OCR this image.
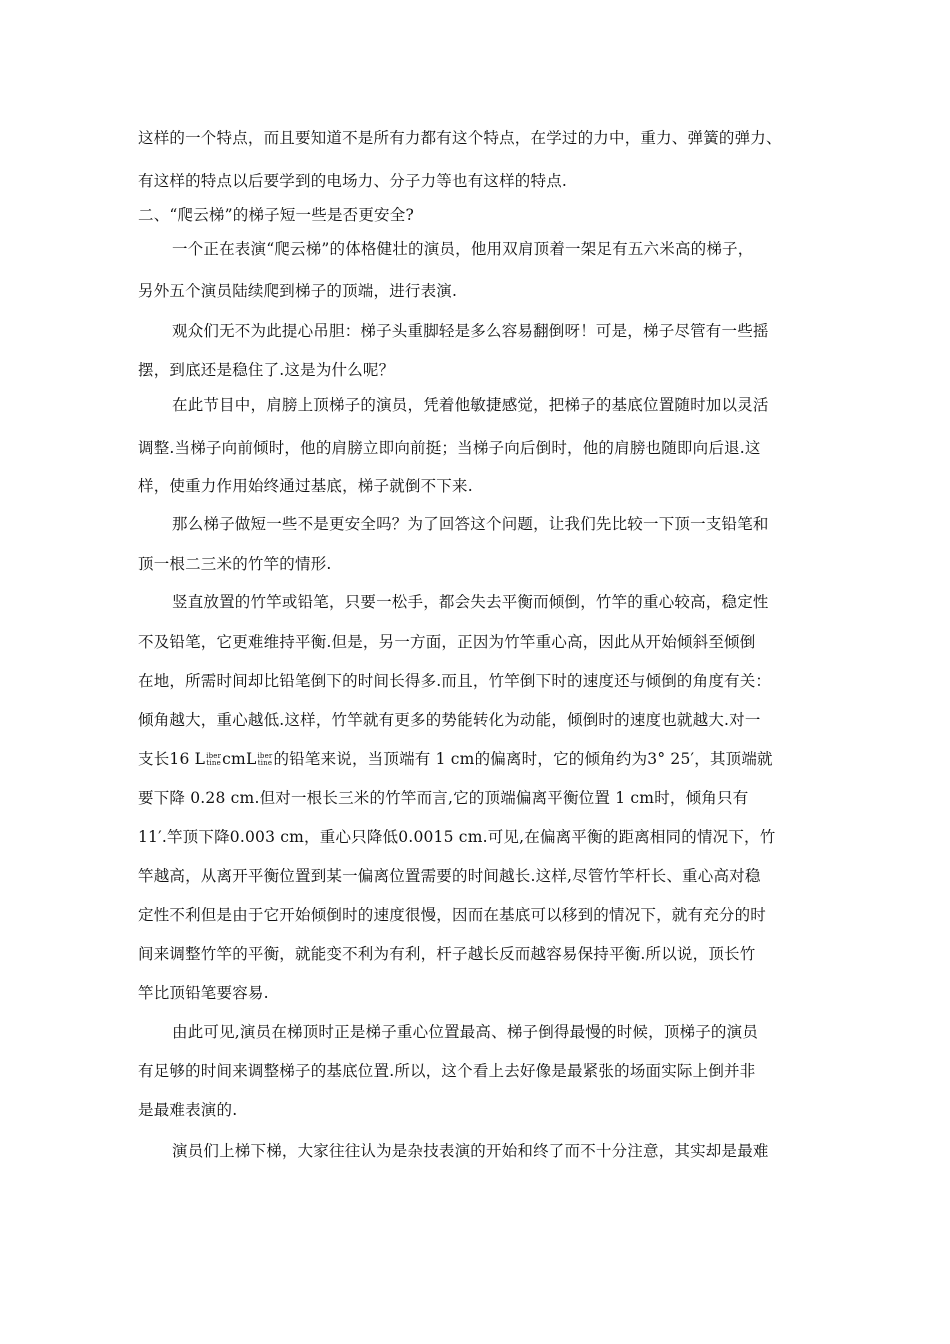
这样的一个特点，而且要知道不是所有力都有这个特点，在学过的力中，重力、弹簧的弹力、
有这样的特点以后要学到的电场力、分子力等也有这样的特点.
二、“爬云梯”的梯子短一些是否更安全?
一个正在表演“爬云梯”的体格健壮的演员，他用双肩顶着一架足有五六米高的梯子，
另外五个演员陆续爬到梯子的顶端，进行表演.
观众们无不为此提心吊胆：梯子头重脚轻是多么容易翻倒呀！可是，梯子尽管有一些摇
摆，到底还是稳住了.这是为什么呢？
在此节目中，肩膀上顶梯子的演员，凭着他敏捷感觉，把梯子的基底位置随时加以灵活
调整.当梯子向前倾时，他的肩膀立即向前挺；当梯子向后倒时，他的肩膀也随即向后退.这
样，使重力作用始终通过基底，梯子就倒不下来.
那么梯子做短一些不是更安全吗？为了回答这个问题，让我们先比较一下顶一支铅笔和
顶一根二三米的竹竿的情形.
竖直放置的竹竿或铅笔，只要一松手，都会失去平衡而倾倒，竹竿的重心较高，稳定性
不及铅笔，它更难维持平衡.但是，另一方面，正因为竹竿重心高，因此从开始倾斜至倾倒
在地，所需时间却比铅笔倒下的时间长得多.而且，竹竿倒下时的速度还与倾倒的角度有关：
倾角越大，重心越低.这样，竹竿就有更多的势能转化为动能，倾倒时的速度也就越大.对一
支长16 L iber
tine cmL iber
tine 的铅笔来说，当顶端有 1 cm的偏离时，它的倾角约为3° 25′，其顶端就
要下降 0.28 cm.但对一根长三米的竹竿而言,它的顶端偏离平衡位置 1 cm时，倾角只有
11′.竿顶下降0.003 cm，重心只降低0.0015 cm.可见,在偏离平衡的距离相同的情况下，竹
竿越高，从离开平衡位置到某一偏离位置需要的时间越长.这样,尽管竹竿杆长、重心高对稳
定性不利但是由于它开始倾倒时的速度很慢，因而在基底可以移到的情况下，就有充分的时
间来调整竹竿的平衡，就能变不利为有利，杆子越长反而越容易保持平衡.所以说，顶长竹
竿比顶铅笔要容易.
由此可见,演员在梯顶时正是梯子重心位置最高、梯子倒得最慢的时候，顶梯子的演员
有足够的时间来调整梯子的基底位置.所以，这个看上去好像是最紧张的场面实际上倒并非
是最难表演的.
演员们上梯下梯，大家往往认为是杂技表演的开始和终了而不十分注意，其实却是最难
